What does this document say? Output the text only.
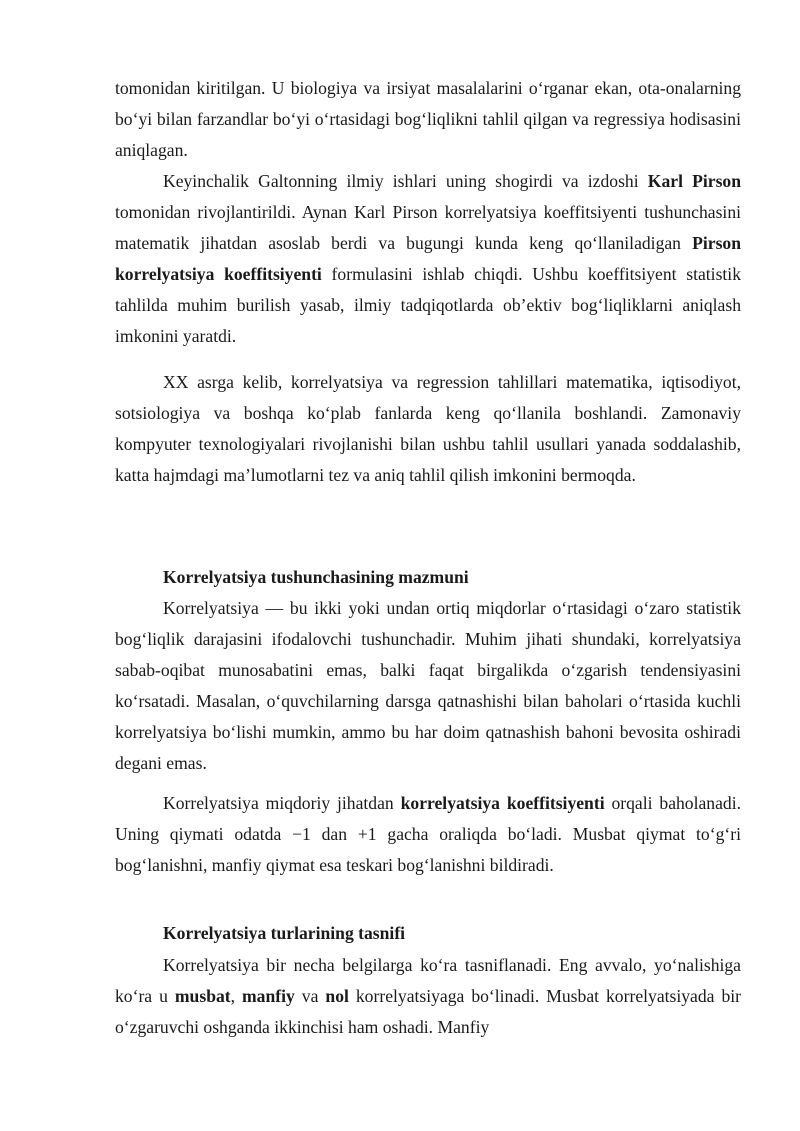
tomonidan kiritilgan. U biologiya va irsiyat masalalarini o‘rganar ekan, ota-onalarning bo‘yi bilan farzandlar bo‘yi o‘rtasidagi bog‘liqlikni tahlil qilgan va regressiya hodisasini aniqlagan.

Keyinchalik Galtonning ilmiy ishlari uning shogirdi va izdoshi Karl Pirson tomonidan rivojlantirildi. Aynan Karl Pirson korrelyatsiya koeffitsiyenti tushunchasini matematik jihatdan asoslab berdi va bugungi kunda keng qo‘llaniladigan Pirson korrelyatsiya koeffitsiyenti formulasini ishlab chiqdi. Ushbu koeffitsiyent statistik tahlilda muhim burilish yasab, ilmiy tadqiqotlarda ob’ektiv bog‘liqliklarni aniqlash imkonini yaratdi.

XX asrga kelib, korrelyatsiya va regression tahlillari matematika, iqtisodiyot, sotsiologiya va boshqa ko‘plab fanlarda keng qo‘llanila boshlandi. Zamonaviy kompyuter texnologiyalari rivojlanishi bilan ushbu tahlil usullari yanada soddalashib, katta hajmdagi ma’lumotlarni tez va aniq tahlil qilish imkonini bermoqda.

Korrelyatsiya tushunchasining mazmuni

Korrelyatsiya — bu ikki yoki undan ortiq miqdorlar o‘rtasidagi o‘zaro statistik bog‘liqlik darajasini ifodalovchi tushunchadir. Muhim jihati shundaki, korrelyatsiya sabab-oqibat munosabatini emas, balki faqat birgalikda o‘zgarish tendensiyasini ko‘rsatadi. Masalan, o‘quvchilarning darsga qatnashishi bilan baholari o‘rtasida kuchli korrelyatsiya bo‘lishi mumkin, ammo bu har doim qatnashish bahoni bevosita oshiradi degani emas.

Korrelyatsiya miqdoriy jihatdan korrelyatsiya koeffitsiyenti orqali baholanadi. Uning qiymati odatda −1 dan +1 gacha oraliqda bo‘ladi. Musbat qiymat to‘g‘ri bog‘lanishni, manfiy qiymat esa teskari bog‘lanishni bildiradi.

Korrelyatsiya turlarining tasnifi

Korrelyatsiya bir necha belgilarga ko‘ra tasniflanadi. Eng avvalo, yo‘nalishiga ko‘ra u musbat, manfiy va nol korrelyatsiyaga bo‘linadi. Musbat korrelyatsiyada bir o‘zgaruvchi oshganda ikkinchisi ham oshadi. Manfiy
